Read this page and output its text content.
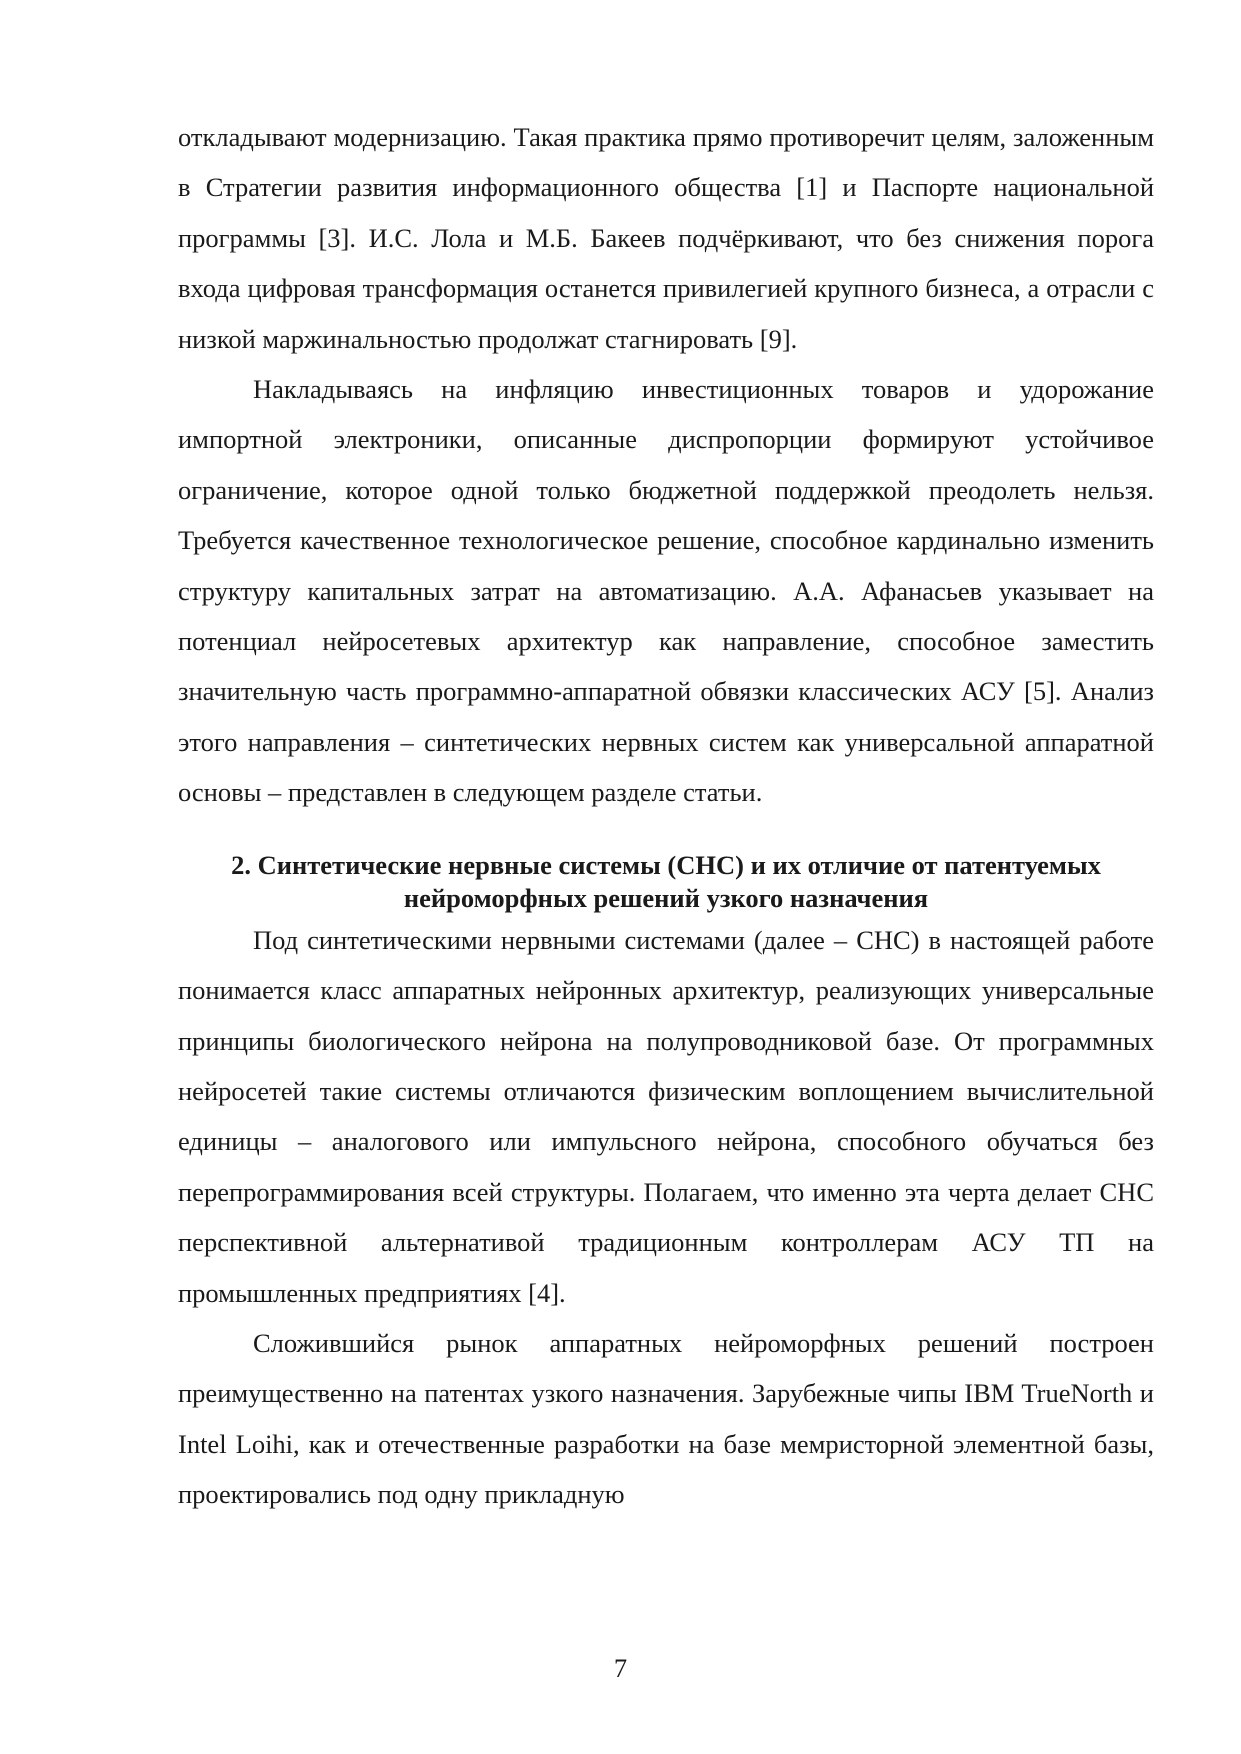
откладывают модернизацию. Такая практика прямо противоречит целям, заложенным в Стратегии развития информационного общества [1] и Паспорте национальной программы [3]. И.С. Лола и М.Б. Бакеев подчёркивают, что без снижения порога входа цифровая трансформация останется привилегией крупного бизнеса, а отрасли с низкой маржинальностью продолжат стагнировать [9].

Накладываясь на инфляцию инвестиционных товаров и удорожание импортной электроники, описанные диспропорции формируют устойчивое ограничение, которое одной только бюджетной поддержкой преодолеть нельзя. Требуется качественное технологическое решение, способное кардинально изменить структуру капитальных затрат на автоматизацию. А.А. Афанасьев указывает на потенциал нейросетевых архитектур как направление, способное заместить значительную часть программно-аппаратной обвязки классических АСУ [5]. Анализ этого направления – синтетических нервных систем как универсальной аппаратной основы – представлен в следующем разделе статьи.

2. Синтетические нервные системы (СНС) и их отличие от патентуемых нейроморфных решений узкого назначения

Под синтетическими нервными системами (далее – СНС) в настоящей работе понимается класс аппаратных нейронных архитектур, реализующих универсальные принципы биологического нейрона на полупроводниковой базе. От программных нейросетей такие системы отличаются физическим воплощением вычислительной единицы – аналогового или импульсного нейрона, способного обучаться без перепрограммирования всей структуры. Полагаем, что именно эта черта делает СНС перспективной альтернативой традиционным контроллерам АСУ ТП на промышленных предприятиях [4].

Сложившийся рынок аппаратных нейроморфных решений построен преимущественно на патентах узкого назначения. Зарубежные чипы IBM TrueNorth и Intel Loihi, как и отечественные разработки на базе мемристорной элементной базы, проектировались под одну прикладную

7
